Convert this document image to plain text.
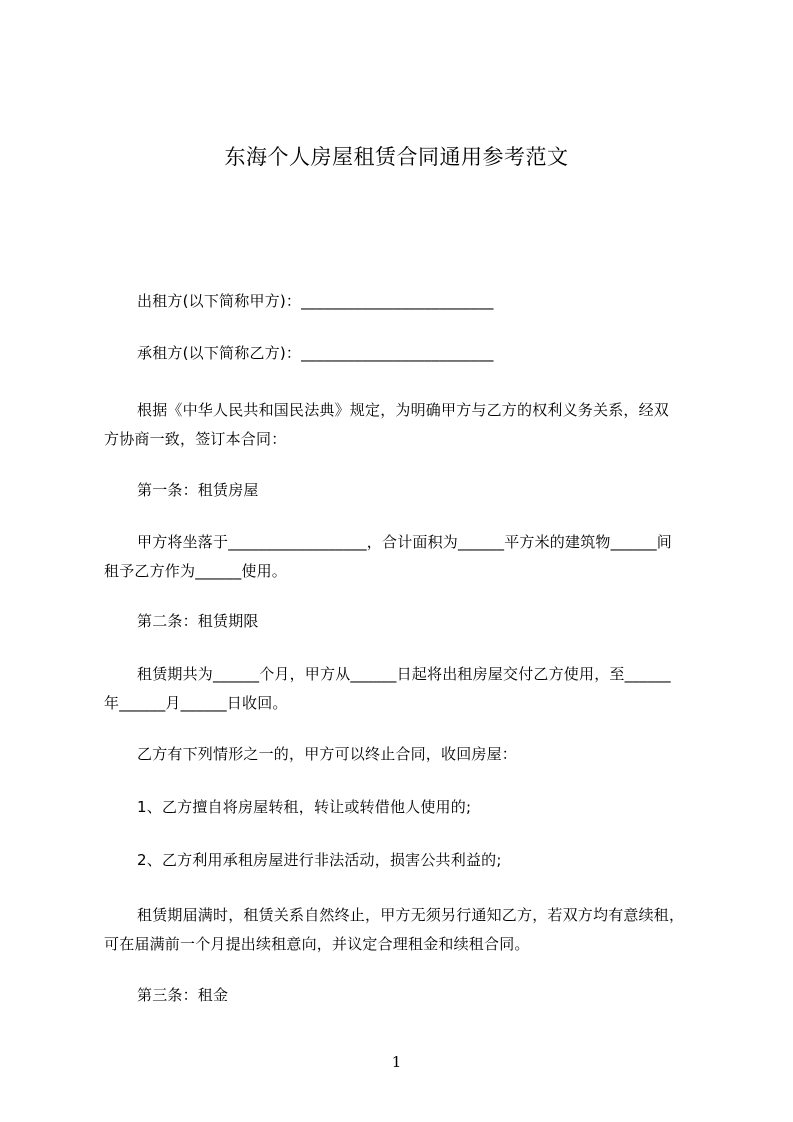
东海个人房屋租赁合同通用参考范文
出租方(以下简称甲方)：_________________________
承租方(以下简称乙方)：_________________________
根据《中华人民共和国民法典》规定，为明确甲方与乙方的权利义务关系，经双
方协商一致，签订本合同：
第一条：租赁房屋
甲方将坐落于__________________，合计面积为______平方米的建筑物______间
租予乙方作为______使用。
第二条：租赁期限
租赁期共为______个月，甲方从______日起将出租房屋交付乙方使用，至______
年______月______日收回。
乙方有下列情形之一的，甲方可以终止合同，收回房屋：
1、乙方擅自将房屋转租，转让或转借他人使用的;
2、乙方利用承租房屋进行非法活动，损害公共利益的;
租赁期届满时，租赁关系自然终止，甲方无须另行通知乙方，若双方均有意续租，
可在届满前一个月提出续租意向，并议定合理租金和续租合同。
第三条：租金
1
